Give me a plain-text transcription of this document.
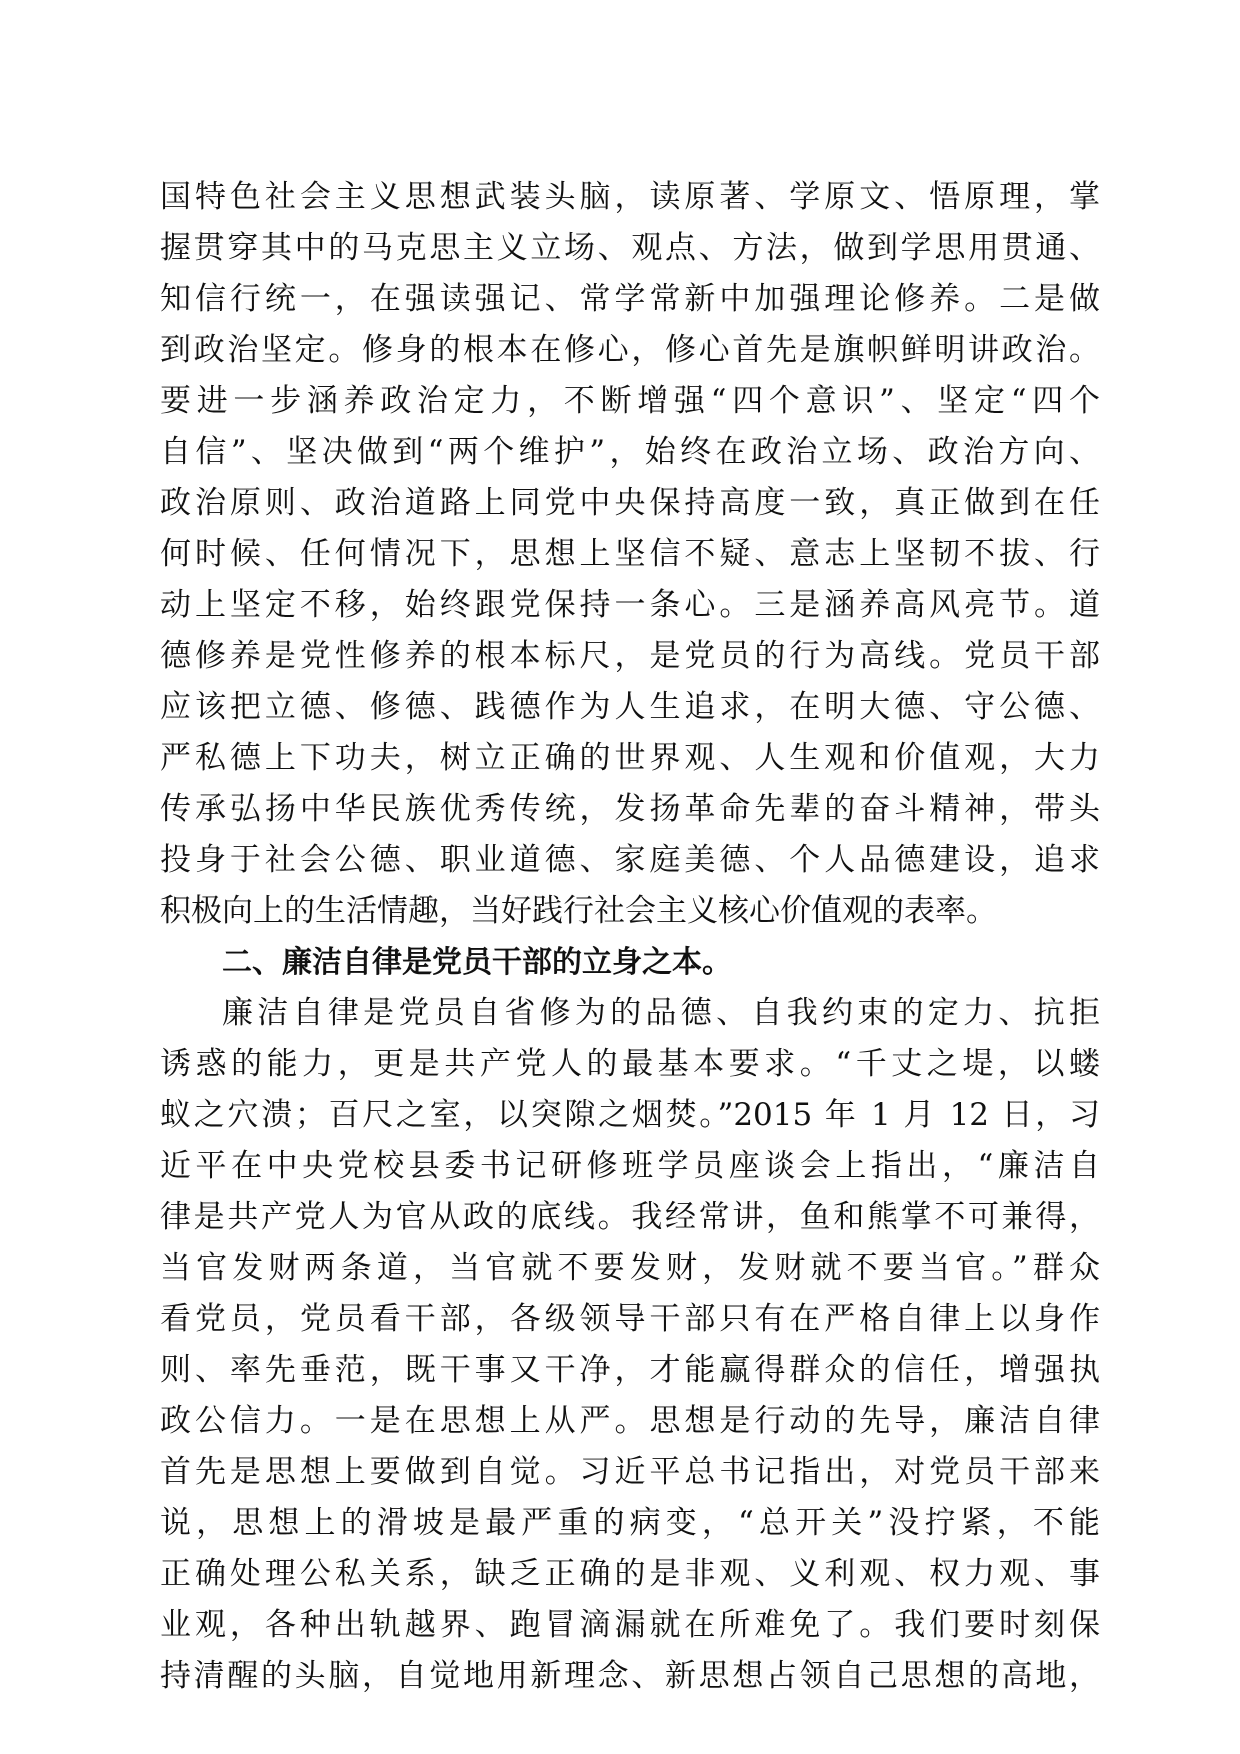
国特色社会主义思想武装头脑，读原著、学原文、悟原理，掌
握贯穿其中的马克思主义立场、观点、方法，做到学思用贯通、
知信行统一，在强读强记、常学常新中加强理论修养。二是做
到政治坚定。修身的根本在修心，修心首先是旗帜鲜明讲政治。
要进一步涵养政治定力，不断增强“四个意识”、坚定“四个
自信”、坚决做到“两个维护”，始终在政治立场、政治方向、
政治原则、政治道路上同党中央保持高度一致，真正做到在任
何时候、任何情况下，思想上坚信不疑、意志上坚韧不拔、行
动上坚定不移，始终跟党保持一条心。三是涵养高风亮节。道
德修养是党性修养的根本标尺，是党员的行为高线。党员干部
应该把立德、修德、践德作为人生追求，在明大德、守公德、
严私德上下功夫，树立正确的世界观、人生观和价值观，大力
传承弘扬中华民族优秀传统，发扬革命先辈的奋斗精神，带头
投身于社会公德、职业道德、家庭美德、个人品德建设，追求
积极向上的生活情趣，当好践行社会主义核心价值观的表率。
二、廉洁自律是党员干部的立身之本。
廉洁自律是党员自省修为的品德、自我约束的定力、抗拒
诱惑的能力，更是共产党人的最基本要求。“千丈之堤，以蝼
蚁之穴溃；百尺之室，以突隙之烟焚。”2015 年 1 月 12 日，习
近平在中央党校县委书记研修班学员座谈会上指出，“廉洁自
律是共产党人为官从政的底线。我经常讲，鱼和熊掌不可兼得，
当官发财两条道，当官就不要发财，发财就不要当官。”群众
看党员，党员看干部，各级领导干部只有在严格自律上以身作
则、率先垂范，既干事又干净，才能赢得群众的信任，增强执
政公信力。一是在思想上从严。思想是行动的先导，廉洁自律
首先是思想上要做到自觉。习近平总书记指出，对党员干部来
说，思想上的滑坡是最严重的病变，“总开关”没拧紧，不能
正确处理公私关系，缺乏正确的是非观、义利观、权力观、事
业观，各种出轨越界、跑冒滴漏就在所难免了。我们要时刻保
持清醒的头脑，自觉地用新理念、新思想占领自己思想的高地，
